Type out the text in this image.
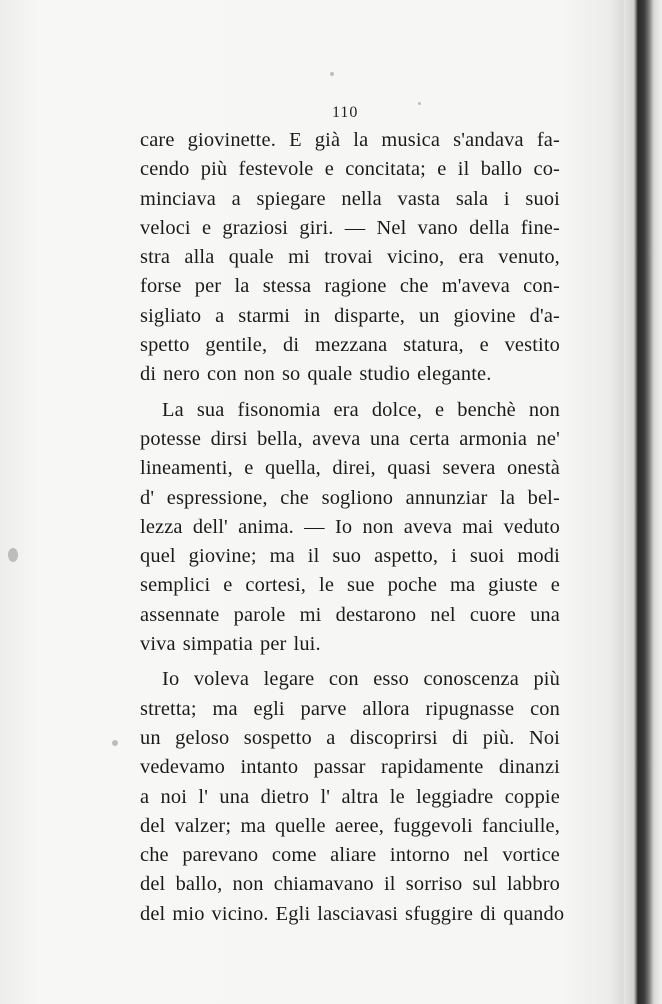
110
care giovinette. E già la musica s'andava fa-
cendo più festevole e concitata; e il ballo co-
minciava a spiegare nella vasta sala i suoi
veloci e graziosi giri. — Nel vano della fine-
stra alla quale mi trovai vicino, era venuto,
forse per la stessa ragione che m'aveva con-
sigliato a starmi in disparte, un giovine d'a-
spetto gentile, di mezzana statura, e vestito
di nero con non so quale studio elegante.
La sua fisonomia era dolce, e benchè non
potesse dirsi bella, aveva una certa armonia ne'
lineamenti, e quella, direi, quasi severa onestà
d' espressione, che sogliono annunziar la bel-
lezza dell' anima. — Io non aveva mai veduto
quel giovine; ma il suo aspetto, i suoi modi
semplici e cortesi, le sue poche ma giuste e
assennate parole mi destarono nel cuore una
viva simpatia per lui.
Io voleva legare con esso conoscenza più
stretta; ma egli parve allora ripugnasse con
un geloso sospetto a discoprirsi di più. Noi
vedevamo intanto passar rapidamente dinanzi
a noi l' una dietro l' altra le leggiadre coppie
del valzer; ma quelle aeree, fuggevoli fanciulle,
che parevano come aliare intorno nel vortice
del ballo, non chiamavano il sorriso sul labbro
del mio vicino. Egli lasciavasi sfuggire di quando
